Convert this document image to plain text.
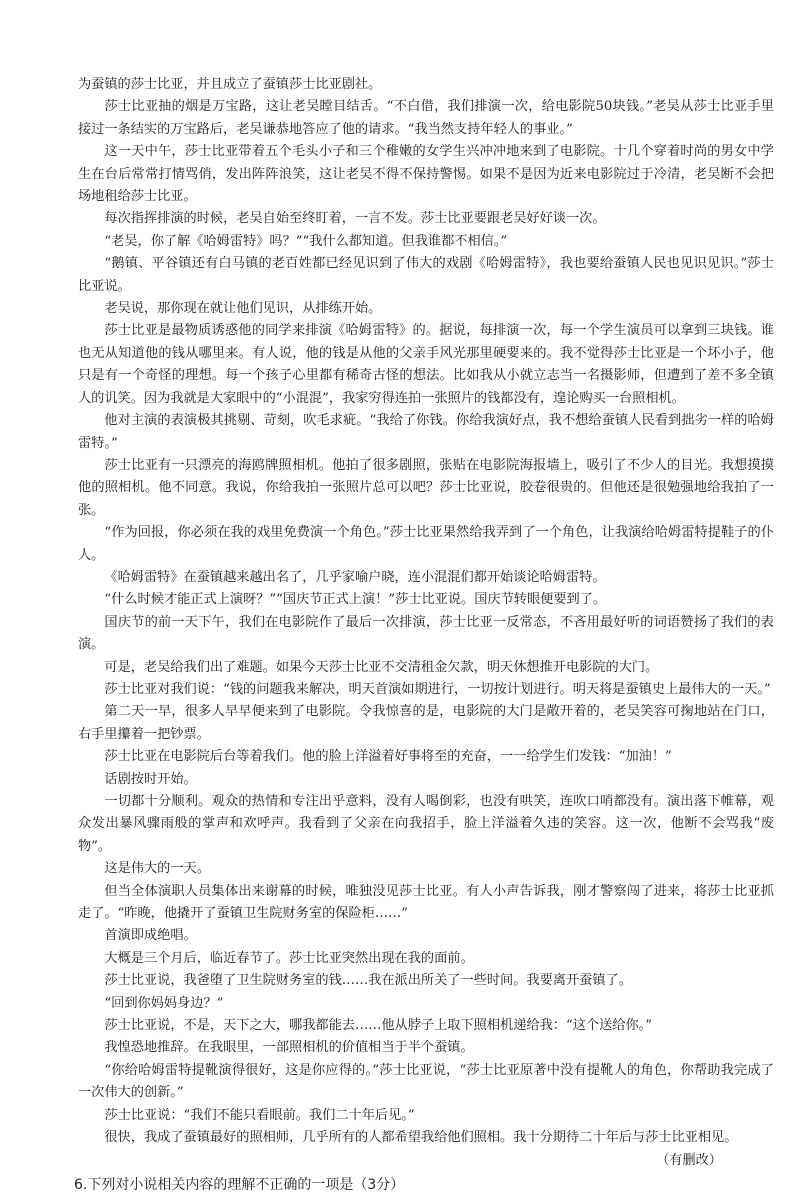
为蚕镇的莎士比亚，并且成立了蚕镇莎士比亚剧社。

莎士比亚抽的烟是万宝路，这让老吴瞠目结舌。“不白借，我们排演一次，给电影院50块钱。”老吴从莎士比亚手里接过一条结实的万宝路后，老吴谦恭地答应了他的请求。“我当然支持年轻人的事业。”

这一天中午，莎士比亚带着五个毛头小子和三个稚嫩的女学生兴冲冲地来到了电影院。十几个穿着时尚的男女中学生在台后常常打情骂俏，发出阵阵浪笑，这让老吴不得不保持警惕。如果不是因为近来电影院过于冷清，老吴断不会把场地租给莎士比亚。

每次指挥排演的时候，老吴自始至终盯着，一言不发。莎士比亚要跟老吴好好谈一次。

“老吴，你了解《哈姆雷特》吗？”“我什么都知道。但我谁都不相信。”

“鹅镇、平谷镇还有白马镇的老百姓都已经见识到了伟大的戏剧《哈姆雷特》，我也要给蚕镇人民也见识见识。”莎士比亚说。

老吴说，那你现在就让他们见识，从排练开始。

莎士比亚是最物质诱惑他的同学来排演《哈姆雷特》的。据说，每排演一次，每一个学生演员可以拿到三块钱。谁也无从知道他的钱从哪里来。有人说，他的钱是从他的父亲手风光那里硬要来的。我不觉得莎士比亚是一个坏小子，他只是有一个奇怪的理想。每一个孩子心里都有稀奇古怪的想法。比如我从小就立志当一名摄影师，但遭到了差不多全镇人的讥笑。因为我就是大家眼中的“小混混”，我家穷得连拍一张照片的钱都没有，遑论购买一台照相机。

他对主演的表演极其挑剔、苛刻，吹毛求疵。“我给了你钱。你给我演好点，我不想给蚕镇人民看到拙劣一样的哈姆雷特。”

莎士比亚有一只漂亮的海鸥牌照相机。他拍了很多剧照，张贴在电影院海报墙上，吸引了不少人的目光。我想摸摸他的照相机。他不同意。我说，你给我拍一张照片总可以吧？莎士比亚说，胶卷很贵的。但他还是很勉强地给我拍了一张。

“作为回报，你必须在我的戏里免费演一个角色。”莎士比亚果然给我弄到了一个角色，让我演给哈姆雷特提鞋子的仆人。

《哈姆雷特》在蚕镇越来越出名了，几乎家喻户晓，连小混混们都开始谈论哈姆雷特。

“什么时候才能正式上演呀？”“国庆节正式上演！”莎士比亚说。国庆节转眼便要到了。

国庆节的前一天下午，我们在电影院作了最后一次排演，莎士比亚一反常态，不吝用最好听的词语赞扬了我们的表演。

可是，老吴给我们出了难题。如果今天莎士比亚不交清租金欠款，明天休想推开电影院的大门。

莎士比亚对我们说：“钱的问题我来解决，明天首演如期进行，一切按计划进行。明天将是蚕镇史上最伟大的一天。”

第二天一早，很多人早早便来到了电影院。令我惊喜的是，电影院的大门是敞开着的，老吴笑容可掬地站在门口，右手里攥着一把钞票。

莎士比亚在电影院后台等着我们。他的脸上洋溢着好事将至的充奋，一一给学生们发钱：“加油！”

话剧按时开始。

一切都十分顺利。观众的热情和专注出乎意料，没有人喝倒彩，也没有哄笑，连吹口哨都没有。演出落下帷幕，观众发出暴风骤雨般的掌声和欢呼声。我看到了父亲在向我招手，脸上洋溢着久违的笑容。这一次，他断不会骂我“废物”。

这是伟大的一天。

但当全体演职人员集体出来谢幕的时候，唯独没见莎士比亚。有人小声告诉我，刚才警察闯了进来，将莎士比亚抓走了。“昨晚，他撬开了蚕镇卫生院财务室的保险柜……”

首演即成绝唱。

大概是三个月后，临近春节了。莎士比亚突然出现在我的面前。

莎士比亚说，我爸堕了卫生院财务室的钱……我在派出所关了一些时间。我要离开蚕镇了。

“回到你妈妈身边？”

莎士比亚说，不是，天下之大，哪我都能去……他从脖子上取下照相机递给我：“这个送给你。”

我惶恐地推辞。在我眼里，一部照相机的价值相当于半个蚕镇。

“你给哈姆雷特提靴演得很好，这是你应得的。”莎士比亚说，“莎士比亚原著中没有提靴人的角色，你帮助我完成了一次伟大的创新。”

莎士比亚说：“我们不能只看眼前。我们二十年后见。”

很快，我成了蚕镇最好的照相师，几乎所有的人都希望我给他们照相。我十分期待二十年后与莎士比亚相见。

（有删改）

6.下列对小说相关内容的理解不正确的一项是（3分）
